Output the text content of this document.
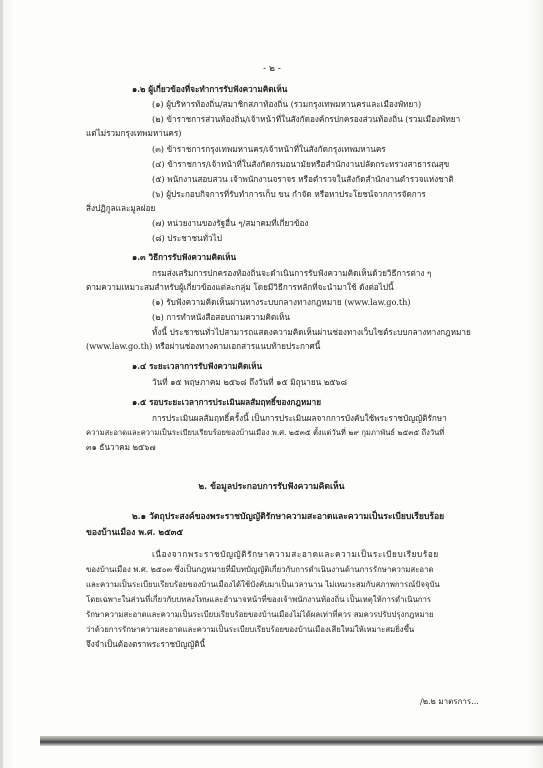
- ๒ -
๑.๒ ผู้เกี่ยวข้องที่จะทำการรับฟังความคิดเห็น
(๑) ผู้บริหารท้องถิ่น/สมาชิกสภาท้องถิ่น (รวมกรุงเทพมหานครและเมืองพัทยา)
(๒) ข้าราชการส่วนท้องถิ่น/เจ้าหน้าที่ในสังกัดองค์กรปกครองส่วนท้องถิ่น (รวมเมืองพัทยา
แต่ไม่รวมกรุงเทพมหานคร)
(๓) ข้าราชการกรุงเทพมหานคร/เจ้าหน้าที่ในสังกัดกรุงเทพมหานคร
(๔) ข้าราชการ/เจ้าหน้าที่ในสังกัดกรมอนามัยหรือสำนักงานปลัดกระทรวงสาธารณสุข
(๕) พนักงานสอบสวน เจ้าพนักงานจราจร หรือตำรวจในสังกัดสำนักงานตำรวจแห่งชาติ
(๖) ผู้ประกอบกิจการที่รับทำการเก็บ ขน กำจัด หรือหาประโยชน์จากการจัดการ
สิ่งปฏิกูลและมูลฝอย
(๗) หน่วยงานของรัฐอื่น ๆ/สมาคมที่เกี่ยวข้อง
(๘) ประชาชนทั่วไป
๑.๓ วิธีการรับฟังความคิดเห็น
กรมส่งเสริมการปกครองท้องถิ่นจะดำเนินการรับฟังความคิดเห็นด้วยวิธีการต่าง ๆ
ตามความเหมาะสมสำหรับผู้เกี่ยวข้องแต่ละกลุ่ม โดยมีวิธีการหลักที่จะนำมาใช้ ดังต่อไปนี้
(๑) รับฟังความคิดเห็นผ่านทางระบบกลางทางกฎหมาย (www.law.go.th)
(๒) การทำหนังสือสอบถามความคิดเห็น
ทั้งนี้ ประชาชนทั่วไปสามารถแสดงความคิดเห็นผ่านช่องทางเว็บไซต์ระบบกลางทางกฎหมาย
(www.law.go.th) หรือผ่านช่องทางตามเอกสารแนบท้ายประกาศนี้
๑.๔ ระยะเวลาการรับฟังความคิดเห็น
วันที่ ๑๕ พฤษภาคม ๒๕๖๘ ถึงวันที่ ๑๕ มิถุนายน ๒๕๖๘
๑.๕ รอบระยะเวลาการประเมินผลสัมฤทธิ์ของกฎหมาย
การประเมินผลสัมฤทธิ์ครั้งนี้ เป็นการประเมินผลจากการบังคับใช้พระราชบัญญัติรักษา
ความสะอาดและความเป็นระเบียบเรียบร้อยของบ้านเมือง พ.ศ. ๒๕๓๕ ตั้งแต่วันที่ ๒๙ กุมภาพันธ์ ๒๕๓๕ ถึงวันที่
๓๑ ธันวาคม ๒๕๖๗
๒. ข้อมูลประกอบการรับฟังความคิดเห็น
๒.๑ วัตถุประสงค์ของพระราชบัญญัติรักษาความสะอาดและความเป็นระเบียบเรียบร้อย
ของบ้านเมือง พ.ศ. ๒๕๓๕
เนื่องจากพระราชบัญญัติรักษาความสะอาดและความเป็นระเบียบเรียบร้อย
ของบ้านเมือง พ.ศ. ๒๕๐๓ ซึ่งเป็นกฎหมายที่มีบทบัญญัติเกี่ยวกับการดำเนินงานด้านการรักษาความสะอาด
และความเป็นระเบียบเรียบร้อยของบ้านเมืองได้ใช้บังคับมาเป็นเวลานาน ไม่เหมาะสมกับสภาพการณ์ปัจจุบัน
โดยเฉพาะในส่วนที่เกี่ยวกับบทลงโทษและอำนาจหน้าที่ของเจ้าพนักงานท้องถิ่น เป็นเหตุให้การดำเนินการ
รักษาความสะอาดและความเป็นระเบียบเรียบร้อยของบ้านเมืองไม่ได้ผลเท่าที่ควร สมควรปรับปรุงกฎหมาย
ว่าด้วยการรักษาความสะอาดและความเป็นระเบียบเรียบร้อยของบ้านเมืองเสียใหม่ให้เหมาะสมยิ่งขึ้น
จึงจำเป็นต้องตราพระราชบัญญัตินี้
/๒.๒ มาตรการ...
